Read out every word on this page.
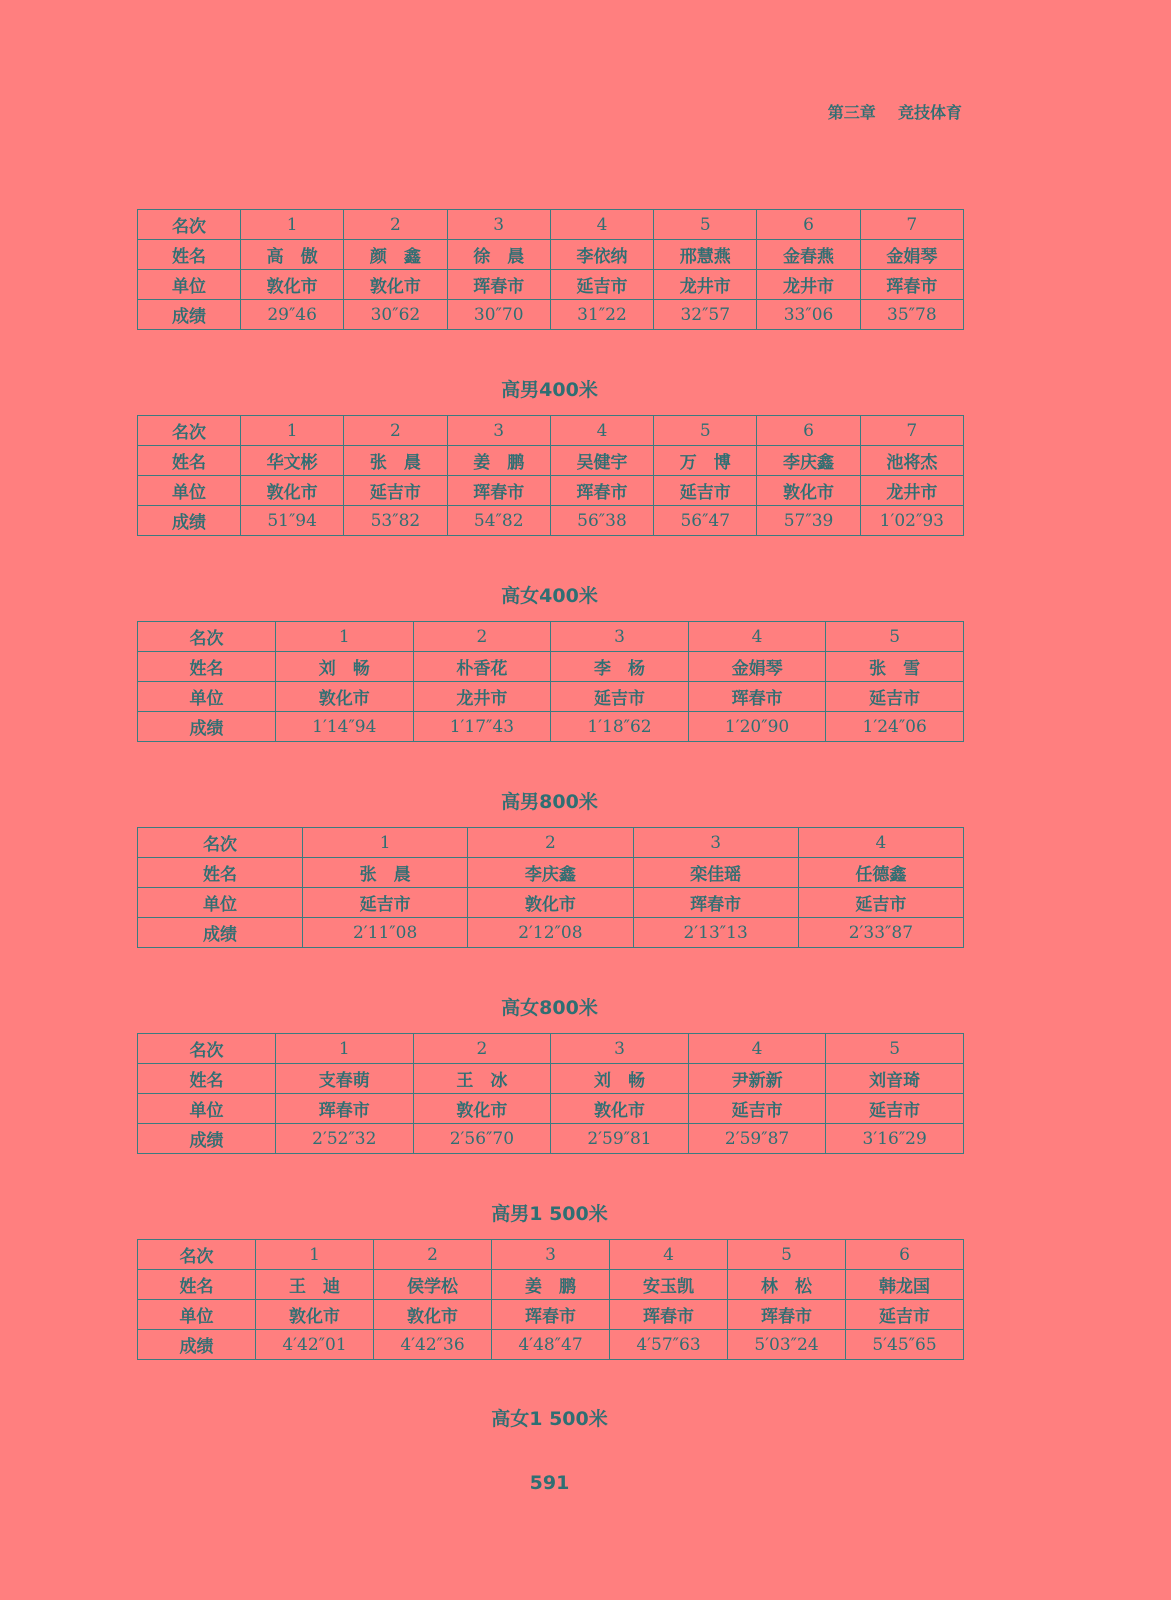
第三章 竞技体育
名次	1	2	3	4	5	6	7
姓名	高　傲	颜　鑫	徐　晨	李依纳	邢慧燕	金春燕	金娟琴
单位	敦化市	敦化市	珲春市	延吉市	龙井市	龙井市	珲春市
成绩	29″46	30″62	30″70	31″22	32″57	33″06	35″78
高男400米
名次	1	2	3	4	5	6	7
姓名	华文彬	张　晨	姜　鹏	吴健宇	万　博	李庆鑫	池将杰
单位	敦化市	延吉市	珲春市	珲春市	延吉市	敦化市	龙井市
成绩	51″94	53″82	54″82	56″38	56″47	57″39	1′02″93
高女400米
名次	1	2	3	4	5
姓名	刘　畅	朴香花	李　杨	金娟琴	张　雪
单位	敦化市	龙井市	延吉市	珲春市	延吉市
成绩	1′14″94	1′17″43	1′18″62	1′20″90	1′24″06
高男800米
名次	1	2	3	4
姓名	张　晨	李庆鑫	栾佳瑶	任德鑫
单位	延吉市	敦化市	珲春市	延吉市
成绩	2′11″08	2′12″08	2′13″13	2′33″87
高女800米
名次	1	2	3	4	5
姓名	支春萌	王　冰	刘　畅	尹新新	刘音琦
单位	珲春市	敦化市	敦化市	延吉市	延吉市
成绩	2′52″32	2′56″70	2′59″81	2′59″87	3′16″29
高男1 500米
名次	1	2	3	4	5	6
姓名	王　迪	侯学松	姜　鹏	安玉凯	林　松	韩龙国
单位	敦化市	敦化市	珲春市	珲春市	珲春市	延吉市
成绩	4′42″01	4′42″36	4′48″47	4′57″63	5′03″24	5′45″65
高女1 500米
591
